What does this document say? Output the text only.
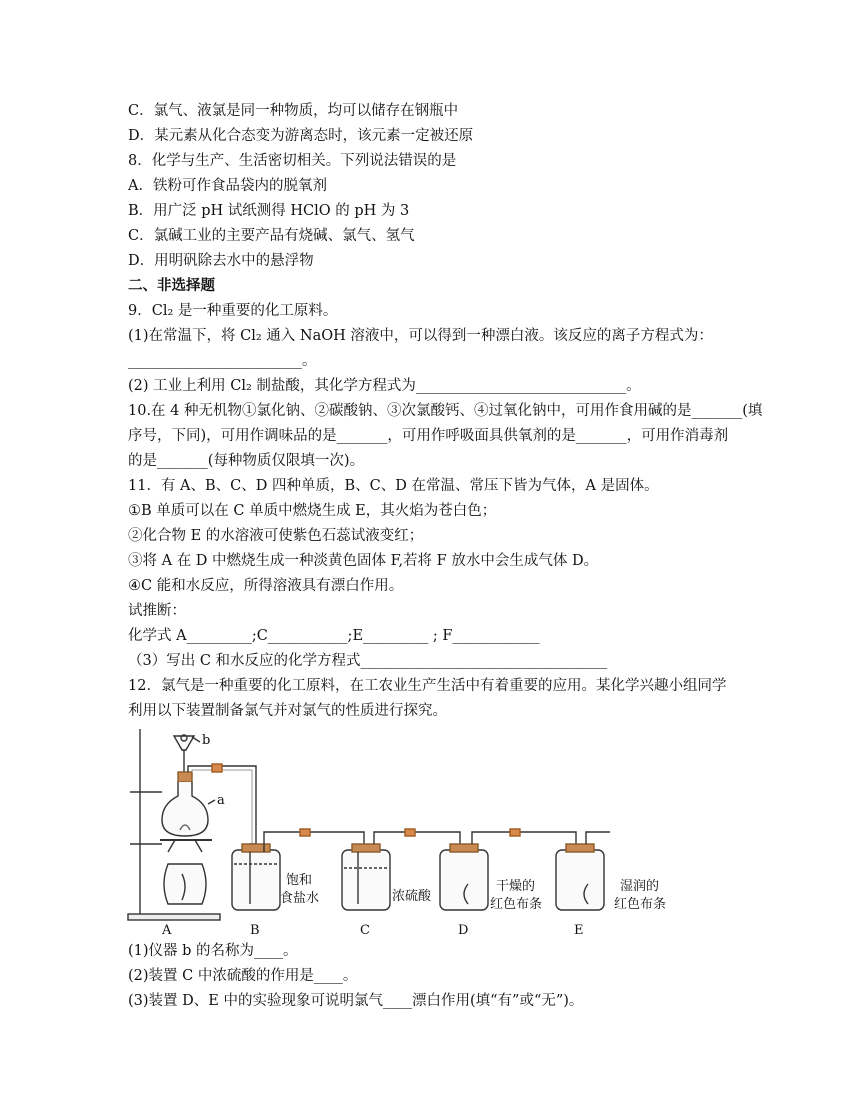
C．氯气、液氯是同一种物质，均可以储存在钢瓶中
D．某元素从化合态变为游离态时，该元素一定被还原
8．化学与生产、生活密切相关。下列说法错误的是
A．铁粉可作食品袋内的脱氧剂
B．用广泛 pH 试纸测得 HClO 的 pH 为 3
C．氯碱工业的主要产品有烧碱、氯气、氢气
D．用明矾除去水中的悬浮物
二、非选择题
9．Cl₂ 是一种重要的化工原料。
(1)在常温下，将 Cl₂ 通入 NaOH 溶液中，可以得到一种漂白液。该反应的离子方程式为：
________________________。
(2) 工业上利用 Cl₂ 制盐酸，其化学方程式为_____________________________。
10.在 4 种无机物①氯化钠、②碳酸钠、③次氯酸钙、④过氧化钠中，可用作食用碱的是_______(填
序号，下同)，可用作调味品的是_______，可用作呼吸面具供氧剂的是_______，可用作消毒剂
的是_______(每种物质仅限填一次)。
11．有 A、B、C、D 四种单质，B、C、D 在常温、常压下皆为气体，A 是固体。
①B 单质可以在 C 单质中燃烧生成 E，其火焰为苍白色；
②化合物 E 的水溶液可使紫色石蕊试液变红；
③将 A 在 D 中燃烧生成一种淡黄色固体 F,若将 F 放水中会生成气体 D。
④C 能和水反应，所得溶液具有漂白作用。
试推断：
化学式 A_________;C___________;E_________ ; F____________
（3）写出 C 和水反应的化学方程式__________________________________
12．氯气是一种重要的化工原料，在工农业生产生活中有着重要的应用。某化学兴趣小组同学
利用以下装置制备氯气并对氯气的性质进行探究。
b
a
饱和
食盐水	浓硫酸
干燥的
红色布条
湿润的
红色布条
A	B	C	D	E
(1)仪器 b 的名称为____。
(2)装置 C 中浓硫酸的作用是____。
(3)装置 D、E 中的实验现象可说明氯气____漂白作用(填“有”或“无”)。
